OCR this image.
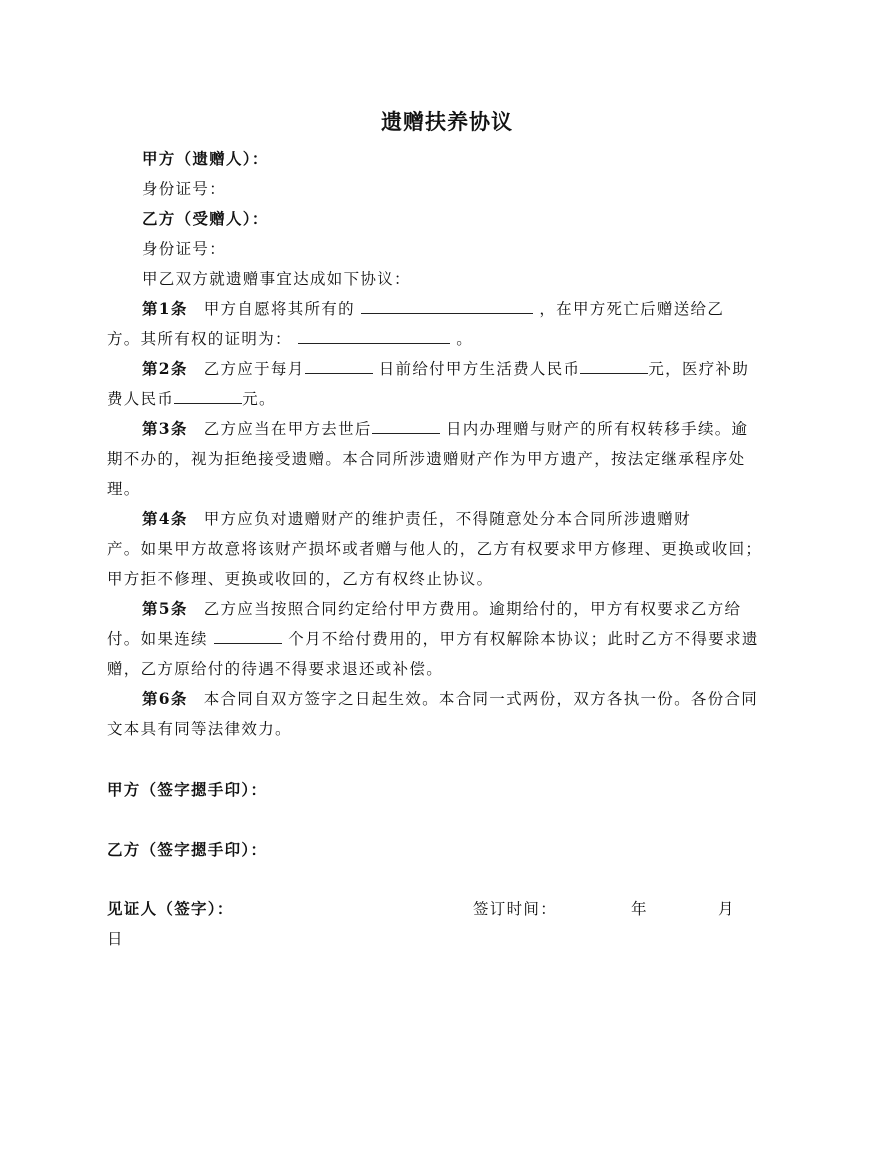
遗赠扶养协议
甲方（遗赠人）：
身份证号：
乙方（受赠人）：
身份证号：
甲乙双方就遗赠事宜达成如下协议：
第1条 甲方自愿将其所有的	，在甲方死亡后赠送给乙
方。其所有权的证明为：	。
第2条 乙方应于每月	日前给付甲方生活费人民币	元，医疗补助
费人民币	元。
第3条 乙方应当在甲方去世后	日内办理赠与财产的所有权转移手续。逾
期不办的，视为拒绝接受遗赠。本合同所涉遗赠财产作为甲方遗产，按法定继承程序处
理。
第4条 甲方应负对遗赠财产的维护责任，不得随意处分本合同所涉遗赠财
产。如果甲方故意将该财产损坏或者赠与他人的，乙方有权要求甲方修理、更换或收回；
甲方拒不修理、更换或收回的，乙方有权终止协议。
第5条 乙方应当按照合同约定给付甲方费用。逾期给付的，甲方有权要求乙方给
付。如果连续	个月不给付费用的，甲方有权解除本协议；此时乙方不得要求遗
赠，乙方原给付的待遇不得要求退还或补偿。
第6条 本合同自双方签字之日起生效。本合同一式两份，双方各执一份。各份合同
文本具有同等法律效力。
甲方（签字摁手印）：
乙方（签字摁手印）：
见证人（签字）：	签订时间：	年	月
日
